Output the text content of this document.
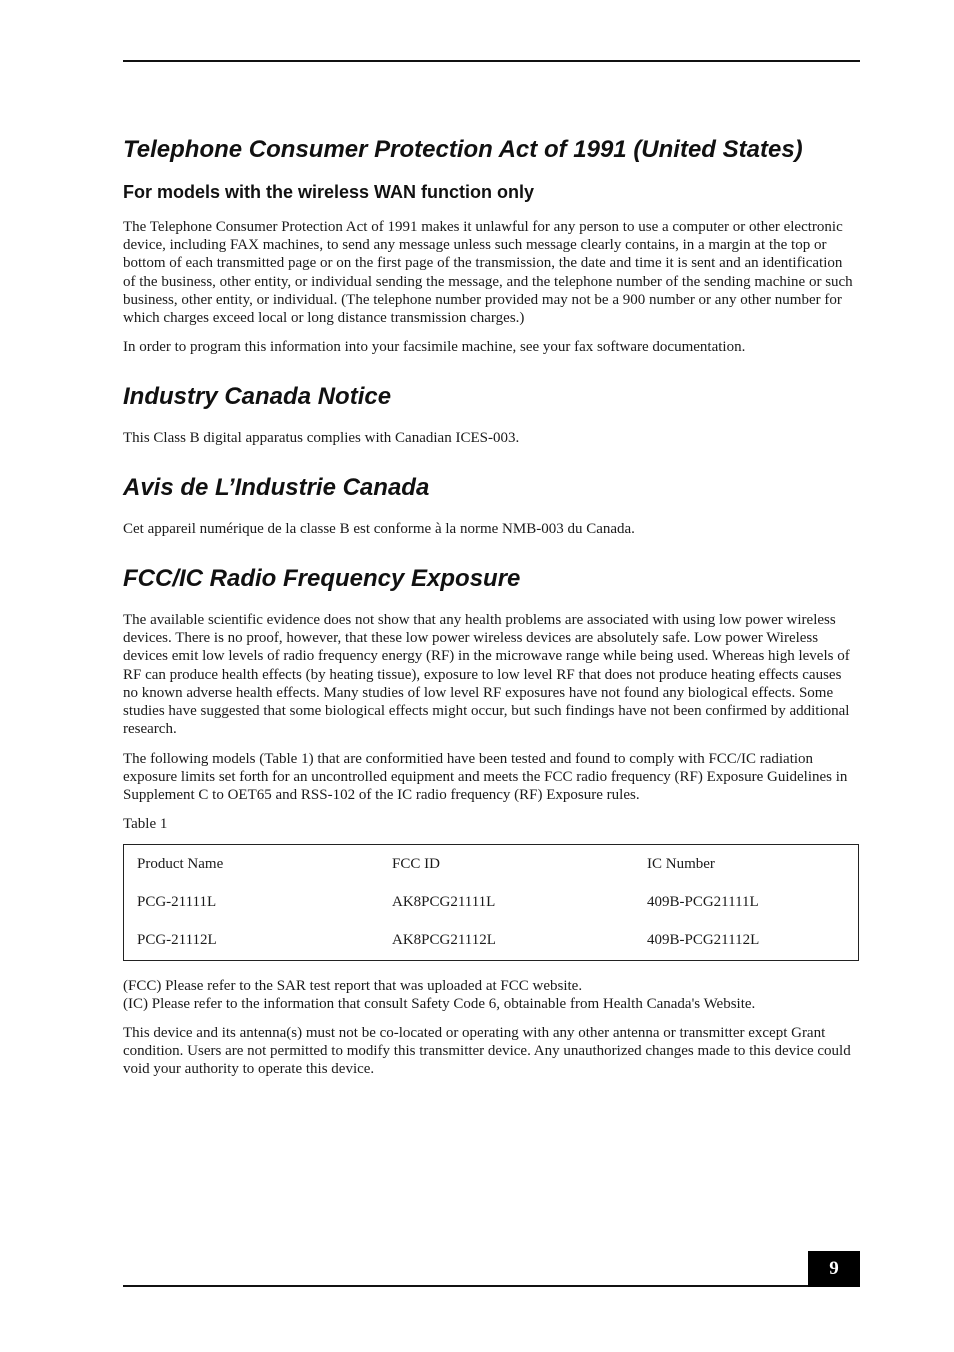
Telephone Consumer Protection Act of 1991 (United States)
For models with the wireless WAN function only

The Telephone Consumer Protection Act of 1991 makes it unlawful for any person to use a computer or other electronic device, including FAX machines, to send any message unless such message clearly contains, in a margin at the top or bottom of each transmitted page or on the first page of the transmission, the date and time it is sent and an identification of the business, other entity, or individual sending the message, and the telephone number of the sending machine or such business, other entity, or individual. (The telephone number provided may not be a 900 number or any other number for which charges exceed local or long distance transmission charges.)

In order to program this information into your facsimile machine, see your fax software documentation.

Industry Canada Notice

This Class B digital apparatus complies with Canadian ICES-003.

Avis de L’Industrie Canada

Cet appareil numérique de la classe B est conforme à la norme NMB-003 du Canada.

FCC/IC Radio Frequency Exposure

The available scientific evidence does not show that any health problems are associated with using low power wireless devices. There is no proof, however, that these low power wireless devices are absolutely safe. Low power Wireless devices emit low levels of radio frequency energy (RF) in the microwave range while being used. Whereas high levels of RF can produce health effects (by heating tissue), exposure to low level RF that does not produce heating effects causes no known adverse health effects. Many studies of low level RF exposures have not found any biological effects. Some studies have suggested that some biological effects might occur, but such findings have not been confirmed by additional research.

The following models (Table 1) that are conformitied have been tested and found to comply with FCC/IC radiation exposure limits set forth for an uncontrolled equipment and meets the FCC radio frequency (RF) Exposure Guidelines in Supplement C to OET65 and RSS-102 of the IC radio frequency (RF) Exposure rules.

Table 1

(FCC) Please refer to the SAR test report that was uploaded at FCC website.

(IC) Please refer to the information that consult Safety Code 6, obtainable from Health Canada's Website.

This device and its antenna(s) must not be co-located or operating with any other antenna or transmitter except Grant condition. Users are not permitted to modify this transmitter device. Any unauthorized changes made to this device could void your authority to operate this device.

Product Name	FCC ID	IC Number
PCG-21111L	AK8PCG21111L	409B-PCG21111L
PCG-21112L	AK8PCG21112L	409B-PCG21112L
9
